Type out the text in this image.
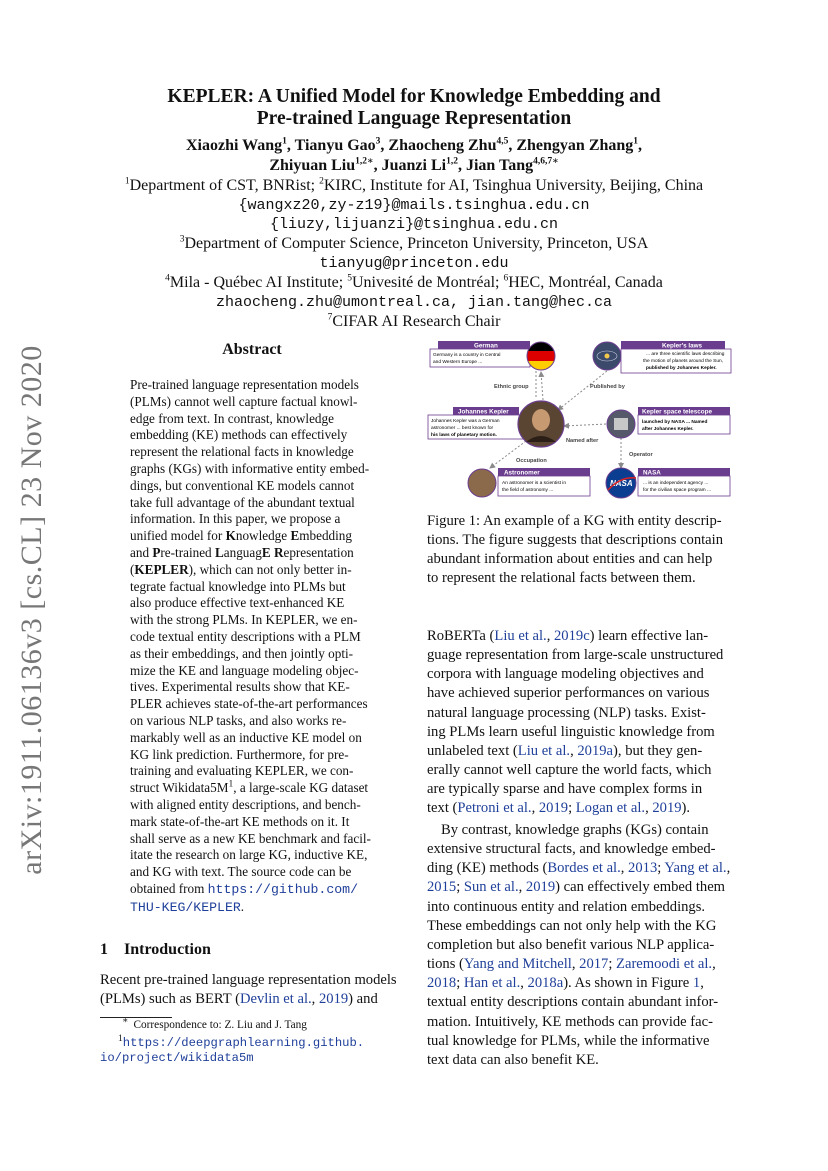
arXiv:1911.06136v3 [cs.CL] 23 Nov 2020
KEPLER: A Unified Model for Knowledge Embedding and
Pre-trained Language Representation
Xiaozhi Wang$^1$, Tianyu Gao$^3$, Zhaocheng Zhu$^{4,5}$, Zhengyan Zhang$^1$,
Zhiyuan Liu$^{1,2∗}$, Juanzi Li$^{1,2}$, Jian Tang$^{4,6,7∗}$
$^1$Department of CST, BNRist; $^2$KIRC, Institute for AI, Tsinghua University, Beijing, China
{wangxz20,zy-z19}@mails.tsinghua.edu.cn
{liuzy,lijuanzi}@tsinghua.edu.cn
$^3$Department of Computer Science, Princeton University, Princeton, USA
tianyug@princeton.edu
$^4$Mila - Québec AI Institute; $^5$Univesité de Montréal; $^6$HEC, Montréal, Canada
zhaocheng.zhu@umontreal.ca, jian.tang@hec.ca
$^7$CIFAR AI Research Chair
Abstract
Pre-trained language representation models
(PLMs) cannot well capture factual knowl-
edge from text. In contrast, knowledge
embedding (KE) methods can effectively
represent the relational facts in knowledge
graphs (KGs) with informative entity embed-
dings, but conventional KE models cannot
take full advantage of the abundant textual
information. In this paper, we propose a
unified model for Knowledge Embedding
and Pre-trained LanguagE Representation
(KEPLER), which can not only better in-
tegrate factual knowledge into PLMs but
also produce effective text-enhanced KE
with the strong PLMs. In KEPLER, we en-
code textual entity descriptions with a PLM
as their embeddings, and then jointly opti-
mize the KE and language modeling objec-
tives. Experimental results show that KE-
PLER achieves state-of-the-art performances
on various NLP tasks, and also works re-
markably well as an inductive KE model on
KG link prediction. Furthermore, for pre-
training and evaluating KEPLER, we con-
struct $Wikidata5M^1$, a large-scale KG dataset
with aligned entity descriptions, and bench-
mark state-of-the-art KE methods on it. It
shall serve as a new KE benchmark and facil-
itate the research on large KG, inductive KE,
and KG with text. The source code can be
obtained from https://github.com/
THU-KEG/KEPLER.
1 Introduction
Recent pre-trained language representation models
(PLMs) such as BERT (Devlin et al., 2019) and
∗ Correspondence to: Z. Liu and J. Tang
$^1$https://deepgraphlearning.github.
io/project/wikidata5m
German
Germany is a country in Central
and Western Europe ...
Kepler's laws
... are three scientific laws describing
the motion of planets around the Sun,
published by Johannes Kepler.
Ethnic group	Published by
Named after
Occupation
Operator
Johannes Kepler
Johannes Kepler was a German
astronomer ... best known for
his laws of planetary motion.
Kepler space telescope
launched by NASA ... Named
after Johannes Kepler.
Astronomer
An astronomer is a scientist in
the field of astronomy ...
NASA
NASA
... is an independent agency ...
for the civilian space program ...
Figure 1: An example of a KG with entity descrip-
tions. The figure suggests that descriptions contain
abundant information about entities and can help
to represent the relational facts between them.
RoBERTa (Liu et al., 2019c) learn effective lan-
guage representation from large-scale unstructured
corpora with language modeling objectives and
have achieved superior performances on various
natural language processing (NLP) tasks. Exist-
ing PLMs learn useful linguistic knowledge from
unlabeled text (Liu et al., 2019a), but they gen-
erally cannot well capture the world facts, which
are typically sparse and have complex forms in
text (Petroni et al., 2019; Logan et al., 2019).
By contrast, knowledge graphs (KGs) contain
extensive structural facts, and knowledge embed-
ding (KE) methods (Bordes et al., 2013; Yang et al.,
2015; Sun et al., 2019) can effectively embed them
into continuous entity and relation embeddings.
These embeddings can not only help with the KG
completion but also benefit various NLP applica-
tions (Yang and Mitchell, 2017; Zaremoodi et al.,
2018; Han et al., 2018a). As shown in Figure 1,
textual entity descriptions contain abundant infor-
mation. Intuitively, KE methods can provide fac-
tual knowledge for PLMs, while the informative
text data can also benefit KE.
